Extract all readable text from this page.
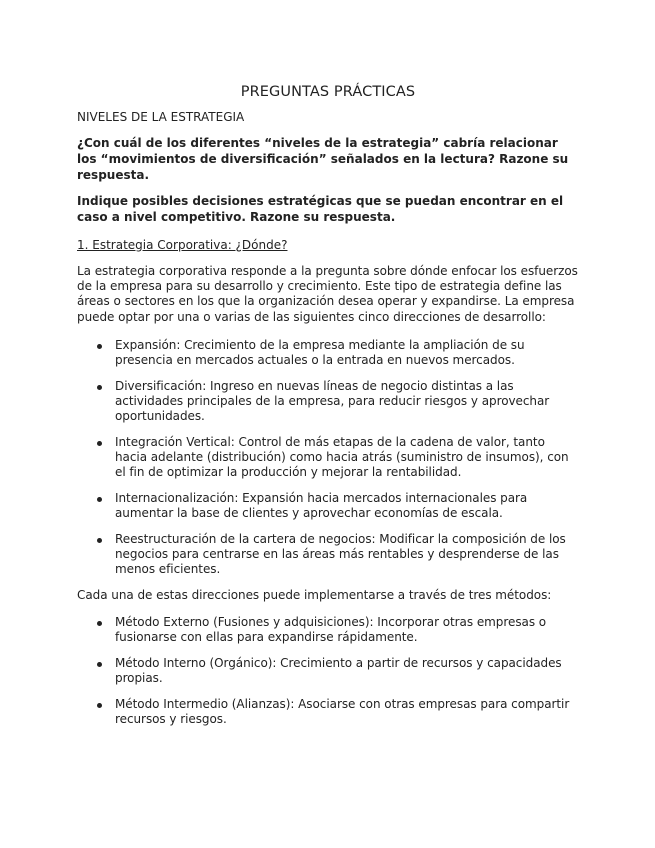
PREGUNTAS PRÁCTICAS
NIVELES DE LA ESTRATEGIA

¿Con cuál de los diferentes “niveles de la estrategia” cabría relacionar los “movimientos de diversificación” señalados en la lectura? Razone su respuesta.

Indique posibles decisiones estratégicas que se puedan encontrar en el caso a nivel competitivo. Razone su respuesta.

1. Estrategia Corporativa: ¿Dónde?

La estrategia corporativa responde a la pregunta sobre dónde enfocar los esfuerzos de la empresa para su desarrollo y crecimiento. Este tipo de estrategia define las áreas o sectores en los que la organización desea operar y expandirse. La empresa puede optar por una o varias de las siguientes cinco direcciones de desarrollo:

Expansión: Crecimiento de la empresa mediante la ampliación de su presencia en mercados actuales o la entrada en nuevos mercados.
Diversificación: Ingreso en nuevas líneas de negocio distintas a las actividades principales de la empresa, para reducir riesgos y aprovechar oportunidades.
Integración Vertical: Control de más etapas de la cadena de valor, tanto hacia adelante (distribución) como hacia atrás (suministro de insumos), con el fin de optimizar la producción y mejorar la rentabilidad.
Internacionalización: Expansión hacia mercados internacionales para aumentar la base de clientes y aprovechar economías de escala.
Reestructuración de la cartera de negocios: Modificar la composición de los negocios para centrarse en las áreas más rentables y desprenderse de las menos eficientes.

Cada una de estas direcciones puede implementarse a través de tres métodos:

Método Externo (Fusiones y adquisiciones): Incorporar otras empresas o fusionarse con ellas para expandirse rápidamente.
Método Interno (Orgánico): Crecimiento a partir de recursos y capacidades propias.
Método Intermedio (Alianzas): Asociarse con otras empresas para compartir recursos y riesgos.
